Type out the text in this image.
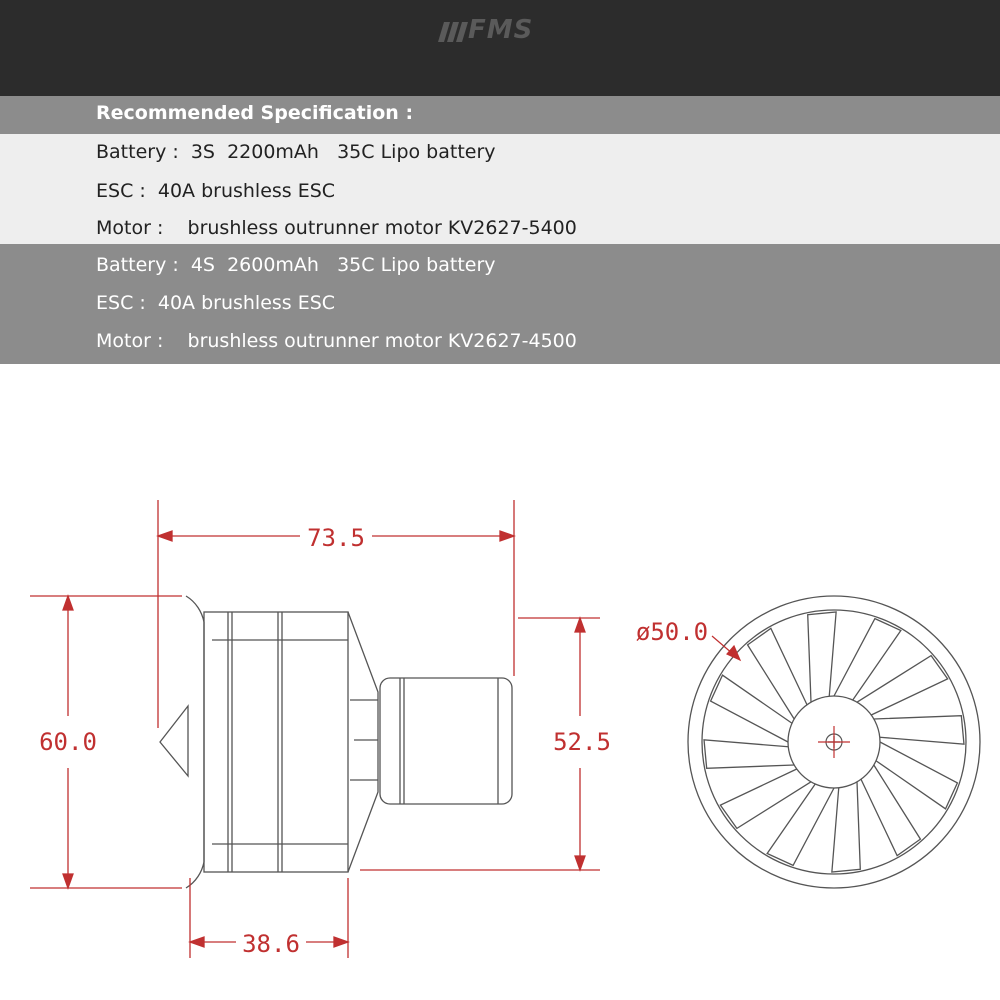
FMS
Recommended Specification :
Battery :  3S  2200mAh   35C Lipo battery
ESC :  40A brushless ESC
Motor :    brushless outrunner motor KV2627-5400
Battery :  4S  2600mAh   35C Lipo battery
ESC :  40A brushless ESC
Motor :    brushless outrunner motor KV2627-4500
73.5
60.0	52.5
38.6
ø50.0
